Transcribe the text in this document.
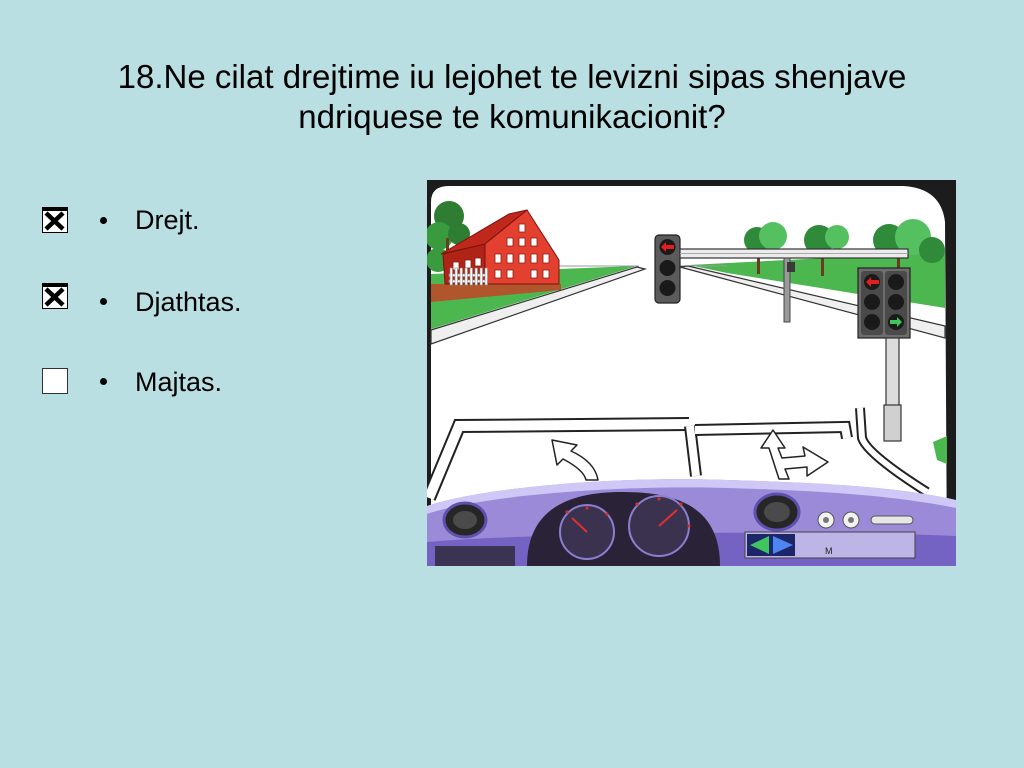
18.Ne cilat drejtime iu lejohet te levizni sipas shenjave
ndriquese te komunikacionit?
Drejt.
Djathtas.
Majtas.
M
